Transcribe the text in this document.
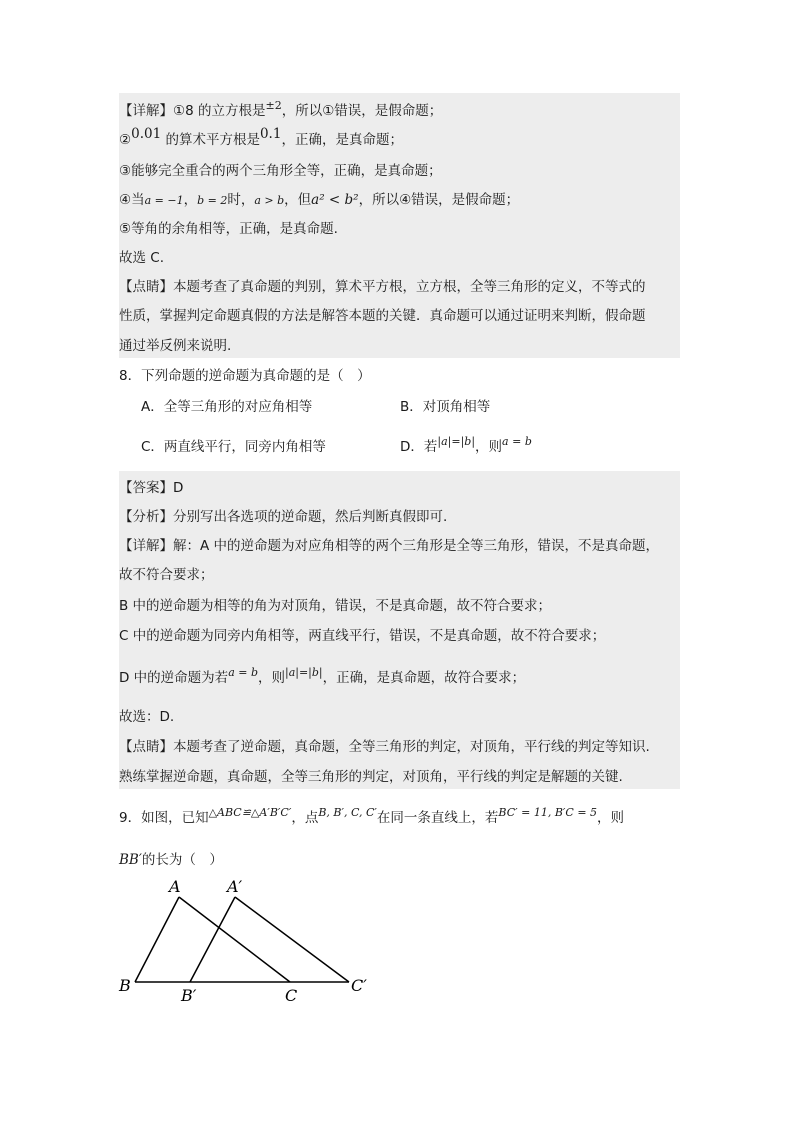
【详解】①8 的立方根是$^{\pm 2}$，所以①错误，是假命题；
②0.01 的算术平方根是0.1，正确，是真命题；
③能够完全重合的两个三角形全等，正确，是真命题；
④当a = −1，b = 2时，a > b，但a² < b²，所以④错误，是假命题；
⑤等角的余角相等，正确，是真命题.
故选 C.
【点睛】本题考查了真命题的判别，算术平方根，立方根，全等三角形的定义，不等式的
性质，掌握判定命题真假的方法是解答本题的关键．真命题可以通过证明来判断，假命题
通过举反例来说明.
8．下列命题的逆命题为真命题的是（　）
A．全等三角形的对应角相等	B．对顶角相等
C．两直线平行，同旁内角相等	D．若$^{|a|=|b|}$，则$^{a = b}$
【答案】D
【分析】分别写出各选项的逆命题，然后判断真假即可.
【详解】解：A 中的逆命题为对应角相等的两个三角形是全等三角形，错误，不是真命题，
故不符合要求；
B 中的逆命题为相等的角为对顶角，错误，不是真命题，故不符合要求；
C 中的逆命题为同旁内角相等，两直线平行，错误，不是真命题，故不符合要求；
D 中的逆命题为若$^{a = b}$，则$^{|a|=|b|}$，正确，是真命题，故符合要求；
故选：D.
【点睛】本题考查了逆命题，真命题，全等三角形的判定，对顶角，平行线的判定等知识.
熟练掌握逆命题，真命题，全等三角形的判定，对顶角，平行线的判定是解题的关键.
9．如图，已知$^{\triangle ABC≌\triangle A'B'C'}$，点$^{B, B', C, C'}$在同一条直线上，若$^{BC' = 11, B'C = 5}$，则
BB′的长为（　）
A	A′
B
B′	C
C′
